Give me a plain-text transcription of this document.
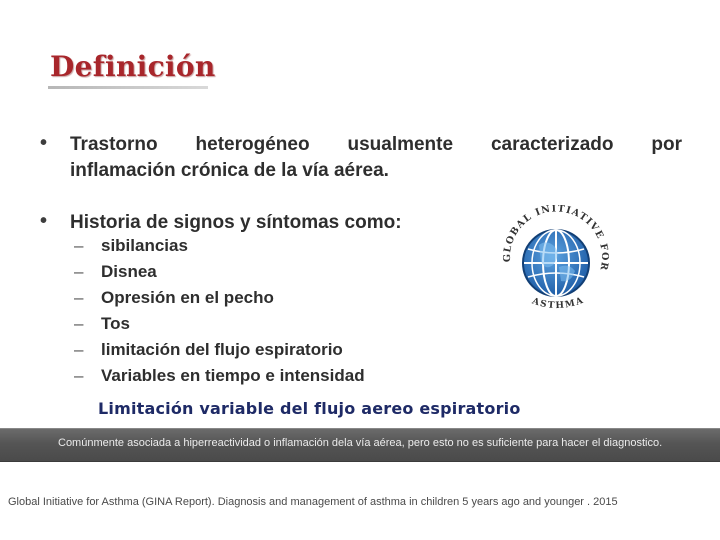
Definición
• Trastorno heterogéneo usualmente caracterizado por
inflamación crónica de la vía aérea.
• Historia de signos y síntomas como:
–	sibilancias
–	Disnea
–	Opresión en el pecho
–	Tos
–	limitación del flujo espiratorio
–	Variables en tiempo e intensidad
GLOBAL INITIATIVE FOR
ASTHMA
Limitación variable del flujo aereo espiratorio
Comúnmente asociada a hiperreactividad o inflamación dela vía aérea, pero esto no es suficiente para hacer el diagnostico.
Global Initiative for Asthma (GINA Report). Diagnosis and management of asthma in children 5 years ago and younger . 2015
